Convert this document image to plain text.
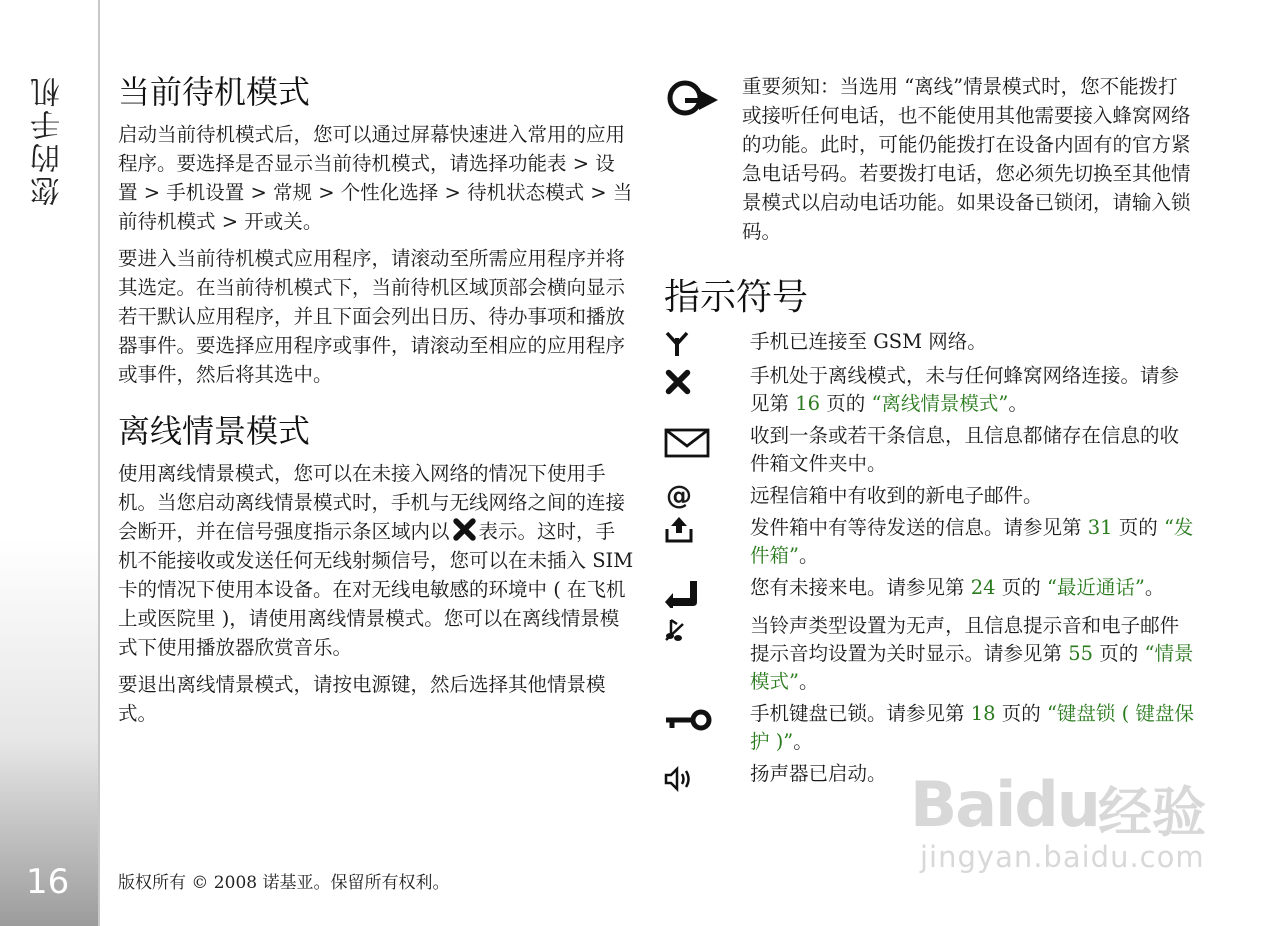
您的手机
16
当前待机模式

启动当前待机模式后，您可以通过屏幕快速进入常用的应用程序。要选择是否显示当前待机模式，请选择功能表 > 设置 > 手机设置 > 常规 > 个性化选择 > 待机状态模式 > 当前待机模式 > 开或关。

要进入当前待机模式应用程序，请滚动至所需应用程序并将其选定。在当前待机模式下，当前待机区域顶部会横向显示若干默认应用程序，并且下面会列出日历、待办事项和播放器事件。要选择应用程序或事件，请滚动至相应的应用程序或事件，然后将其选中。

离线情景模式

使用离线情景模式，您可以在未接入网络的情况下使用手机。当您启动离线情景模式时，手机与无线网络之间的连接会断开，并在信号强度指示条区域内以 表示。这时，手机不能接收或发送任何无线射频信号，您可以在未插入 SIM 卡的情况下使用本设备。在对无线电敏感的环境中 ( 在飞机上或医院里 )，请使用离线情景模式。您可以在离线情景模式下使用播放器欣赏音乐。

要退出离线情景模式，请按电源键，然后选择其他情景模式。

重要须知：当选用 “离线”情景模式时，您不能拨打或接听任何电话，也不能使用其他需要接入蜂窝网络的功能。此时，可能仍能拨打在设备内固有的官方紧急电话号码。若要拨打电话，您必须先切换至其他情景模式以启动电话功能。如果设备已锁闭，请输入锁码。

指示符号
手机已连接至 GSM 网络。
手机处于离线模式，未与任何蜂窝网络连接。请参见第 16 页的 “离线情景模式”。
收到一条或若干条信息，且信息都储存在信息的收件箱文件夹中。
@	远程信箱中有收到的新电子邮件。
发件箱中有等待发送的信息。请参见第 31 页的 “发件箱”。
您有未接来电。请参见第 24 页的 “最近通话”。
当铃声类型设置为无声，且信息提示音和电子邮件提示音均设置为关时显示。请参见第 55 页的 “情景模式”。
手机键盘已锁。请参见第 18 页的 “键盘锁 ( 键盘保护 )”。
扬声器已启动。
版权所有 © 2008 诺基亚。保留所有权利。
Baidu 经验
jingyan.baidu.com
